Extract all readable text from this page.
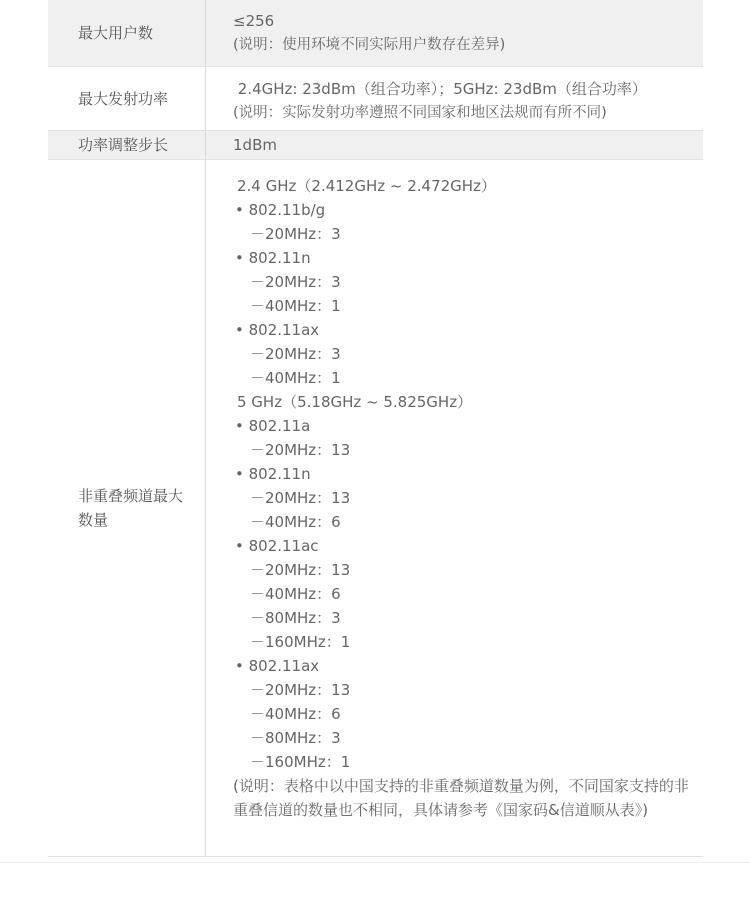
最大用户数
≤256
(说明：使用环境不同实际用户数存在差异)
最大发射功率
2.4GHz: 23dBm（组合功率）；5GHz: 23dBm（组合功率）
(说明：实际发射功率遵照不同国家和地区法规而有所不同)
功率调整步长	1dBm
非重叠频道最大数量
2.4 GHz（2.412GHz ~ 2.472GHz）
• 802.11b/g
－20MHz：3
• 802.11n
－20MHz：3
－40MHz：1
• 802.11ax
－20MHz：3
－40MHz：1
5 GHz（5.18GHz ~ 5.825GHz）
• 802.11a
－20MHz：13
• 802.11n
－20MHz：13
－40MHz：6
• 802.11ac
－20MHz：13
－40MHz：6
－80MHz：3
－160MHz：1
• 802.11ax
－20MHz：13
－40MHz：6
－80MHz：3
－160MHz：1
(说明：表格中以中国支持的非重叠频道数量为例，不同国家支持的非重叠信道的数量也不相同，具体请参考《国家码&信道顺从表》)
